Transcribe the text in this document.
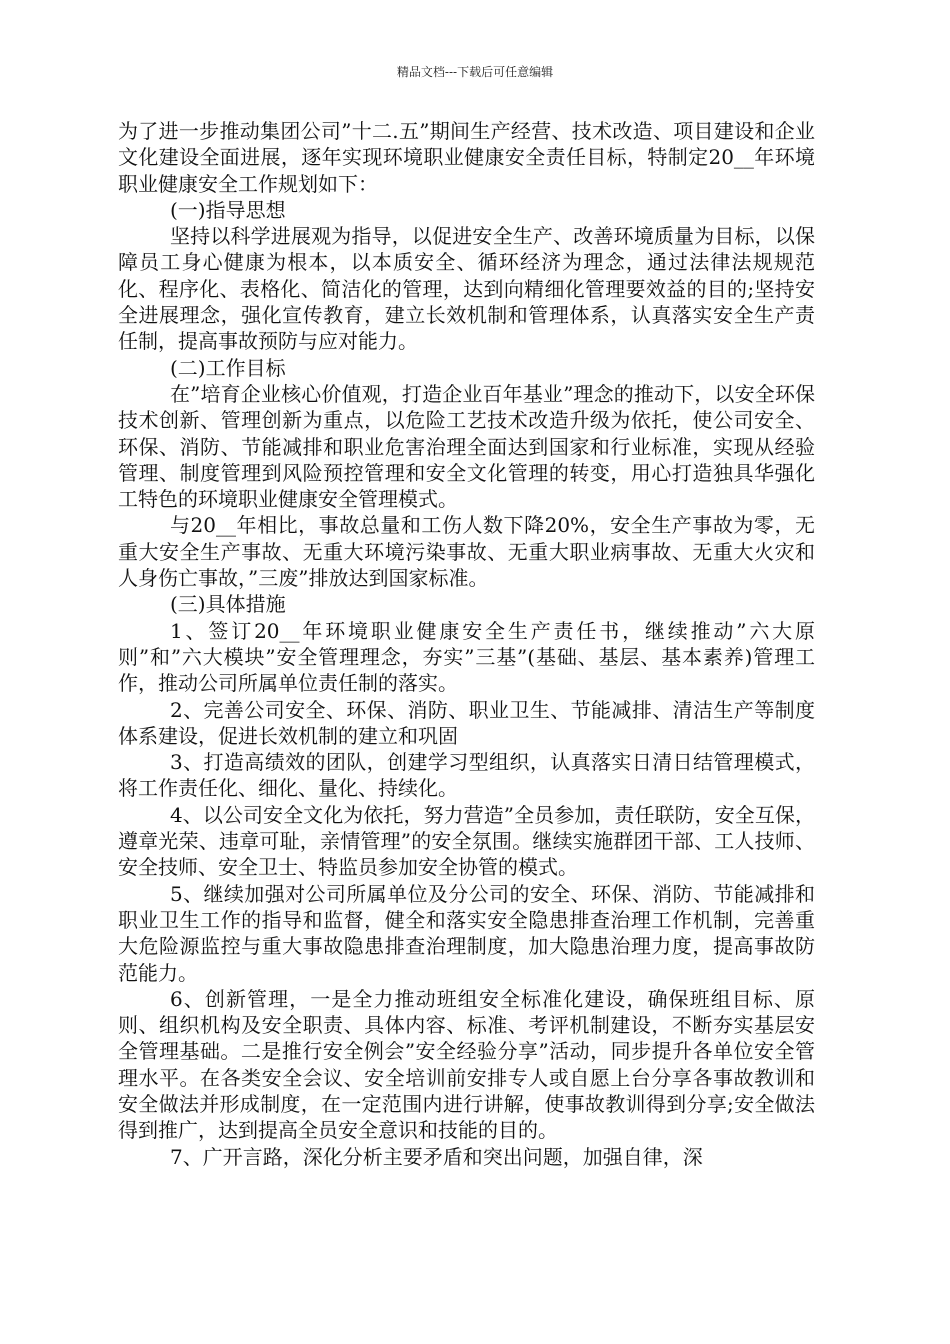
精品文档---下载后可任意编辑

为了进一步推动集团公司”十二.五”期间生产经营、技术改造、项目建设和企业文化建设全面进展，逐年实现环境职业健康安全责任目标，特制定20__年环境职业健康安全工作规划如下：

(一)指导思想

坚持以科学进展观为指导，以促进安全生产、改善环境质量为目标，以保障员工身心健康为根本，以本质安全、循环经济为理念，通过法律法规规范化、程序化、表格化、简洁化的管理，达到向精细化管理要效益的目的;坚持安全进展理念，强化宣传教育，建立长效机制和管理体系，认真落实安全生产责任制，提高事故预防与应对能力。

(二)工作目标

在”培育企业核心价值观，打造企业百年基业”理念的推动下，以安全环保技术创新、管理创新为重点，以危险工艺技术改造升级为依托，使公司安全、环保、消防、节能减排和职业危害治理全面达到国家和行业标准，实现从经验管理、制度管理到风险预控管理和安全文化管理的转变，用心打造独具华强化工特色的环境职业健康安全管理模式。

与20__年相比，事故总量和工伤人数下降20%，安全生产事故为零，无重大安全生产事故、无重大环境污染事故、无重大职业病事故、无重大火灾和人身伤亡事故，”三废”排放达到国家标准。

(三)具体措施

1、签订20__年环境职业健康安全生产责任书，继续推动”六大原则”和”六大模块”安全管理理念，夯实”三基”(基础、基层、基本素养)管理工作，推动公司所属单位责任制的落实。

2、完善公司安全、环保、消防、职业卫生、节能减排、清洁生产等制度体系建设，促进长效机制的建立和巩固

3、打造高绩效的团队，创建学习型组织，认真落实日清日结管理模式，将工作责任化、细化、量化、持续化。

4、以公司安全文化为依托，努力营造”全员参加，责任联防，安全互保，遵章光荣、违章可耻，亲情管理”的安全氛围。继续实施群团干部、工人技师、安全技师、安全卫士、特监员参加安全协管的模式。

5、继续加强对公司所属单位及分公司的安全、环保、消防、节能减排和职业卫生工作的指导和监督，健全和落实安全隐患排查治理工作机制，完善重大危险源监控与重大事故隐患排查治理制度，加大隐患治理力度，提高事故防范能力。

6、创新管理，一是全力推动班组安全标准化建设，确保班组目标、原则、组织机构及安全职责、具体内容、标准、考评机制建设，不断夯实基层安全管理基础。二是推行安全例会”安全经验分享”活动，同步提升各单位安全管理水平。在各类安全会议、安全培训前安排专人或自愿上台分享各事故教训和安全做法并形成制度，在一定范围内进行讲解，使事故教训得到分享;安全做法得到推广，达到提高全员安全意识和技能的目的。

7、广开言路，深化分析主要矛盾和突出问题，加强自律，深
